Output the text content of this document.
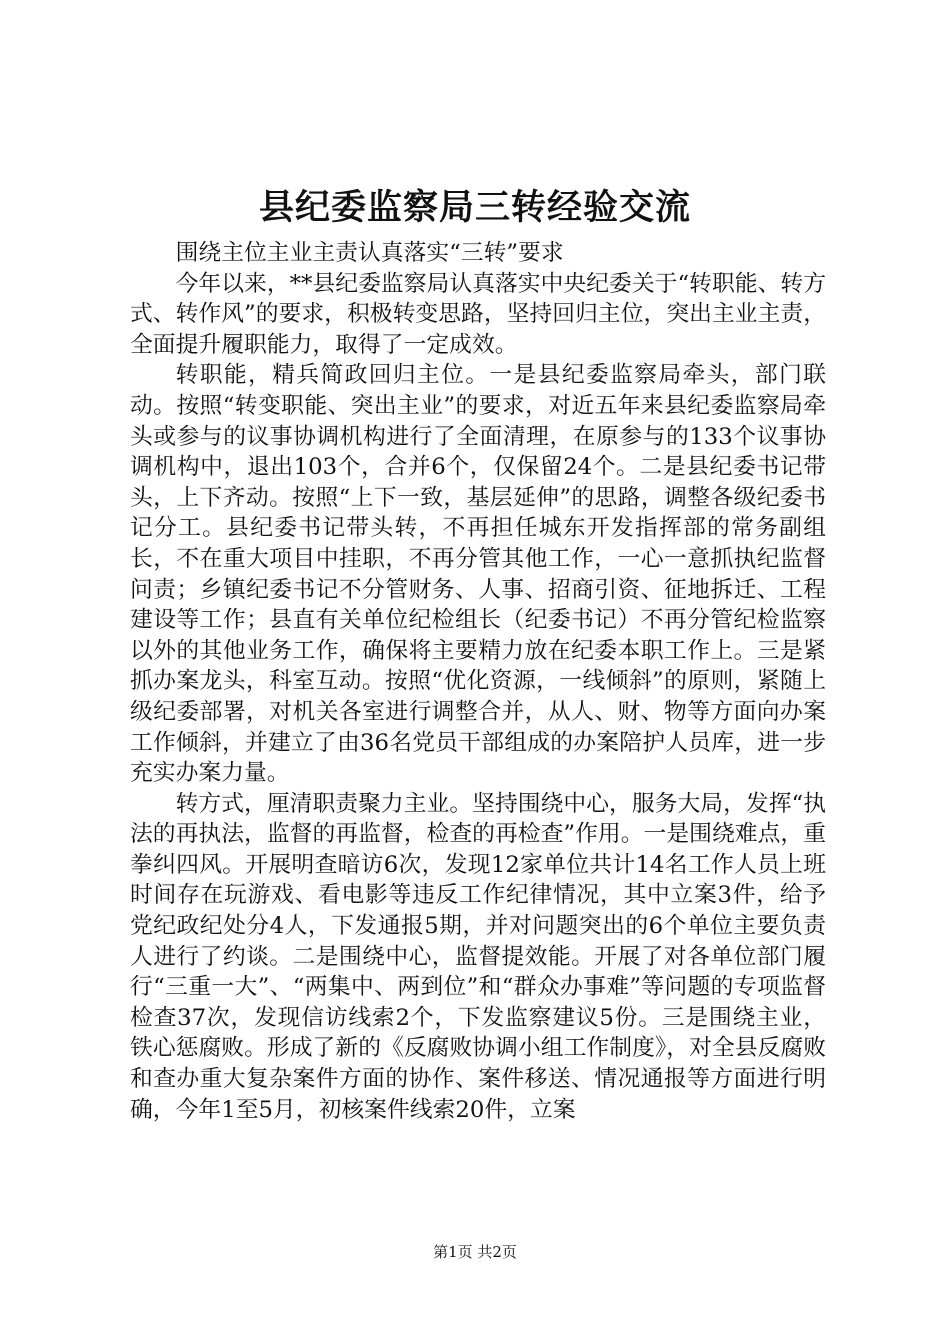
县纪委监察局三转经验交流

围绕主位主业主责认真落实“三转”要求

今年以来，**县纪委监察局认真落实中央纪委关于“转职能、转方式、转作风”的要求，积极转变思路，坚持回归主位，突出主业主责，全面提升履职能力，取得了一定成效。

转职能，精兵简政回归主位。一是县纪委监察局牵头，部门联动。按照“转变职能、突出主业”的要求，对近五年来县纪委监察局牵头或参与的议事协调机构进行了全面清理，在原参与的133个议事协调机构中，退出103个，合并6个，仅保留24个。二是县纪委书记带头，上下齐动。按照“上下一致，基层延伸”的思路，调整各级纪委书记分工。县纪委书记带头转，不再担任城东开发指挥部的常务副组长，不在重大项目中挂职，不再分管其他工作，一心一意抓执纪监督问责；乡镇纪委书记不分管财务、人事、招商引资、征地拆迁、工程建设等工作；县直有关单位纪检组长（纪委书记）不再分管纪检监察以外的其他业务工作，确保将主要精力放在纪委本职工作上。三是紧抓办案龙头，科室互动。按照“优化资源，一线倾斜”的原则，紧随上级纪委部署，对机关各室进行调整合并，从人、财、物等方面向办案工作倾斜，并建立了由36名党员干部组成的办案陪护人员库，进一步充实办案力量。

转方式，厘清职责聚力主业。坚持围绕中心，服务大局，发挥“执法的再执法，监督的再监督，检查的再检查”作用。一是围绕难点，重拳纠四风。开展明查暗访6次，发现12家单位共计14名工作人员上班时间存在玩游戏、看电影等违反工作纪律情况，其中立案3件，给予党纪政纪处分4人，下发通报5期，并对问题突出的6个单位主要负责人进行了约谈。二是围绕中心，监督提效能。开展了对各单位部门履行“三重一大”、“两集中、两到位”和“群众办事难”等问题的专项监督检查37次，发现信访线索2个，下发监察建议5份。三是围绕主业，铁心惩腐败。形成了新的《反腐败协调小组工作制度》，对全县反腐败和查办重大复杂案件方面的协作、案件移送、情况通报等方面进行明确，今年1至5月，初核案件线索20件，立案

第1页 共2页
